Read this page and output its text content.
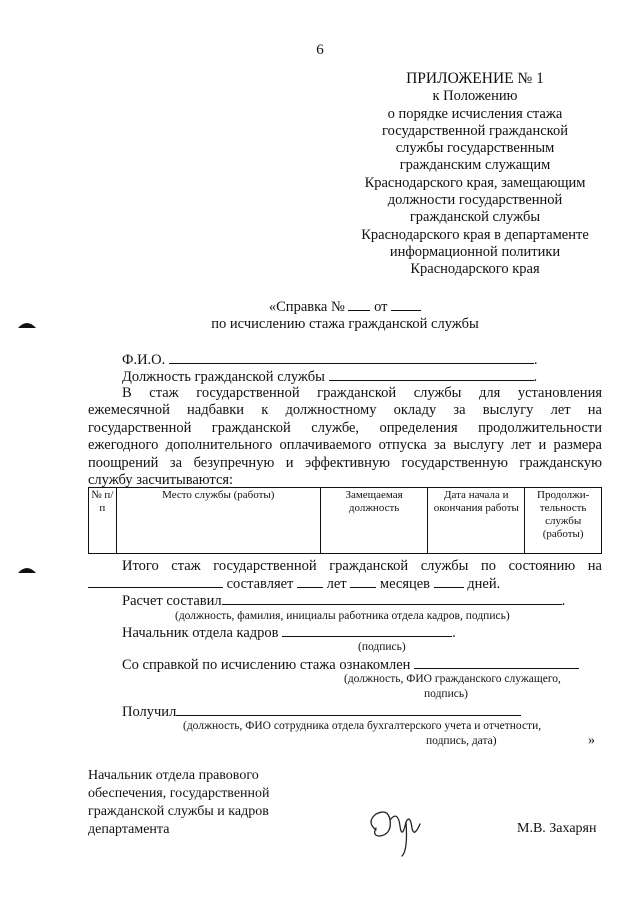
6
ПРИЛОЖЕНИЕ № 1
к Положению
о порядке исчисления стажа
государственной гражданской
службы государственным
гражданским служащим
Краснодарского края, замещающим
должности государственной
гражданской службы
Краснодарского края в департаменте
информационной политики
Краснодарского края
«Справка № от
по исчислению стажа гражданской службы
Ф.И.О.	.
Должность гражданской службы	.
В стаж государственной гражданской службы для установления
ежемесячной надбавки к должностному окладу за выслугу лет на
государственной гражданской службе, определения продолжительности
ежегодного дополнительного оплачиваемого отпуска за выслугу лет и размера
поощрений за безупречную и эффективную государственную гражданскую
службу засчитываются:
№ п/п	Место службы (работы)	Замещаемая должность	Дата начала и окончания работы	Продолжи-тельность службы (работы)
Итого стаж государственной гражданской службы по состоянию на
составляет лет месяцев	дней.
Расчет составил	.
(должность, фамилия, инициалы работника отдела кадров, подпись)
Начальник отдела кадров	.
(подпись)
Со справкой по исчислению стажа ознакомлен
(должность, ФИО гражданского служащего,
подпись)
Получил
(должность, ФИО сотрудника отдела бухгалтерского учета и отчетности,
подпись, дата)	»
Начальник отдела правового
обеспечения, государственной
гражданской службы и кадров
департамента	М.В. Захарян
